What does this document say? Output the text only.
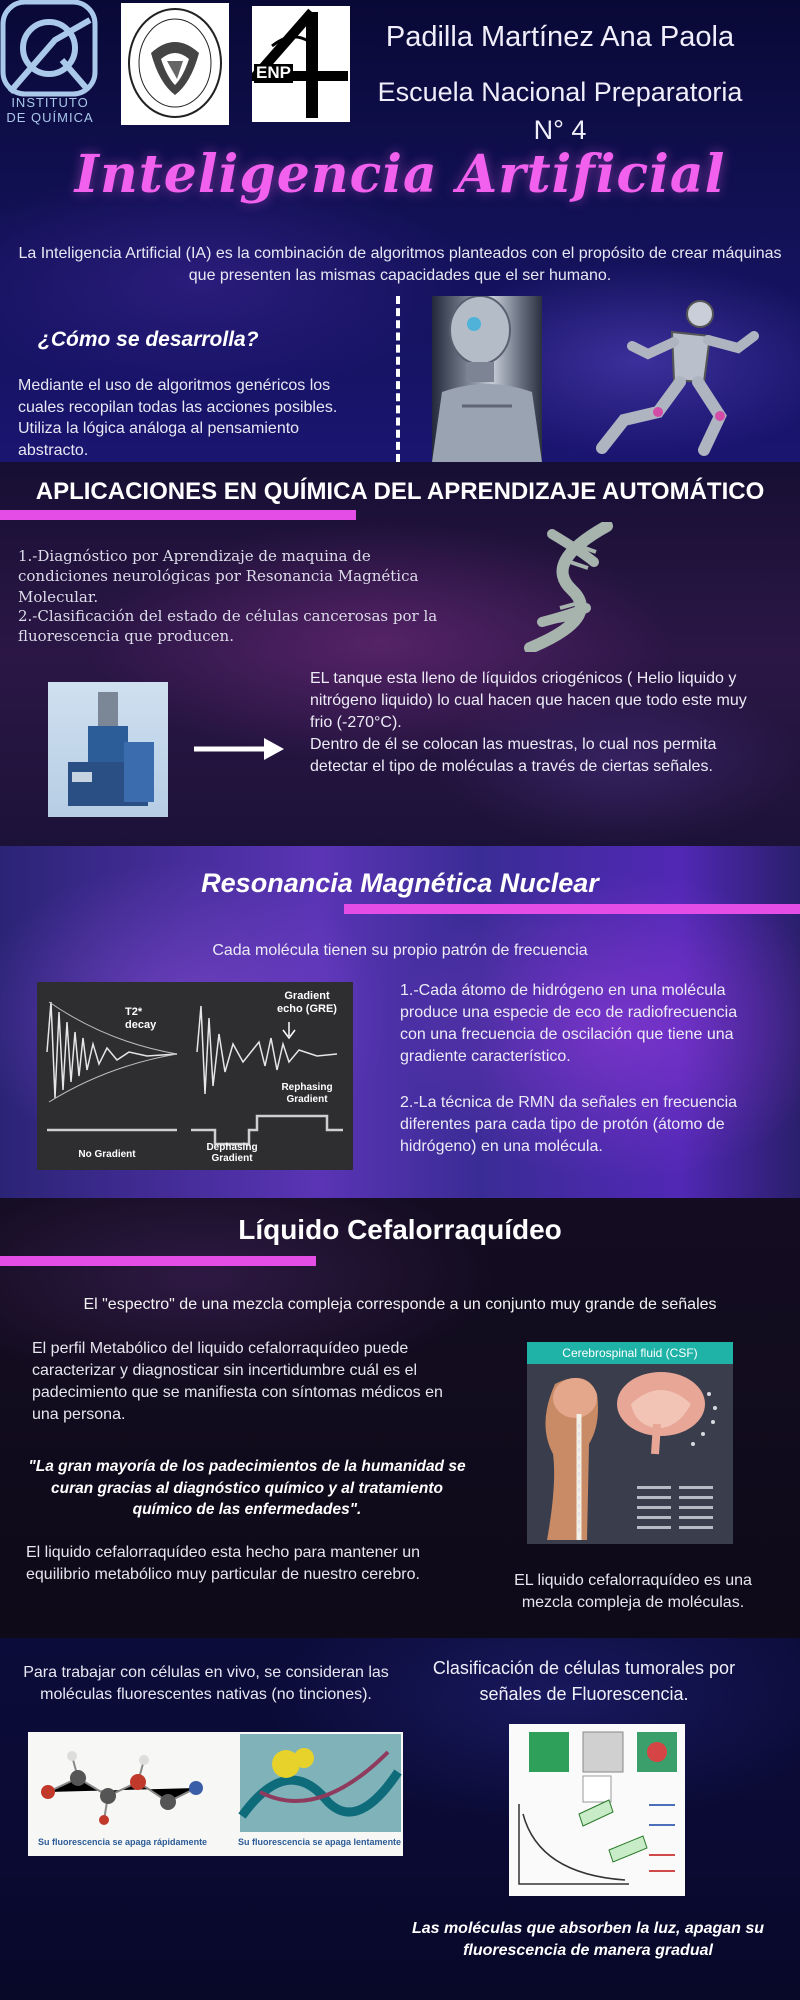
INSTITUTO
DE QUÍMICA
ENP
Padilla Martínez Ana Paola
Escuela Nacional Preparatoria N° 4
Inteligencia Artificial

La Inteligencia Artificial (IA) es la combinación de algoritmos planteados con el propósito de crear máquinas que presenten las mismas capacidades que el ser humano.

¿Cómo se desarrolla?

Mediante el uso de algoritmos genéricos los cuales recopilan todas las acciones posibles.
Utiliza la lógica análoga al pensamiento abstracto.

APLICACIONES EN QUÍMICA DEL APRENDIZAJE AUTOMÁTICO

1.-Diagnóstico por Aprendizaje de maquina de condiciones neurológicas por Resonancia Magnética Molecular.

2.-Clasificación del estado de células cancerosas por la fluorescencia que producen.

EL tanque esta lleno de líquidos criogénicos ( Helio liquido y nitrógeno liquido) lo cual hacen que hacen que todo este muy frio (-270°C).
Dentro de él se colocan las muestras, lo cual nos permita detectar el tipo de moléculas a través de ciertas señales.

Resonancia Magnética Nuclear
Cada molécula tienen su propio patrón de frecuencia
T2*
decay
Gradient
echo (GRE)
Rephasing
Gradient
No Gradient
Dephasing
Gradient

1.-Cada átomo de hidrógeno en una molécula produce una especie de eco de radiofrecuencia con una frecuencia de oscilación que tiene una gradiente característico.

2.-La técnica de RMN da señales en frecuencia diferentes para cada tipo de protón (átomo de hidrógeno) en una molécula.

Líquido Cefalorraquídeo
El "espectro" de una mezcla compleja corresponde a un conjunto muy grande de señales

El perfil Metabólico del liquido cefalorraquídeo puede caracterizar y diagnosticar sin incertidumbre cuál es el padecimiento que se manifiesta con síntomas médicos en una persona.

"La gran mayoría de los padecimientos de la humanidad se curan gracias al diagnóstico químico y al tratamiento químico de las enfermedades".

El liquido cefalorraquídeo esta hecho para mantener un equilibrio metabólico muy particular de nuestro cerebro.

Cerebrospinal fluid (CSF)

EL liquido cefalorraquídeo es una mezcla compleja de moléculas.

Para trabajar con células en vivo, se consideran las moléculas fluorescentes nativas (no tinciones).

Clasificación de células tumorales por señales de Fluorescencia.

Su fluorescencia se apaga rápidamente	Su fluorescencia se apaga lentamente

Las moléculas que absorben la luz, apagan su fluorescencia de manera gradual
